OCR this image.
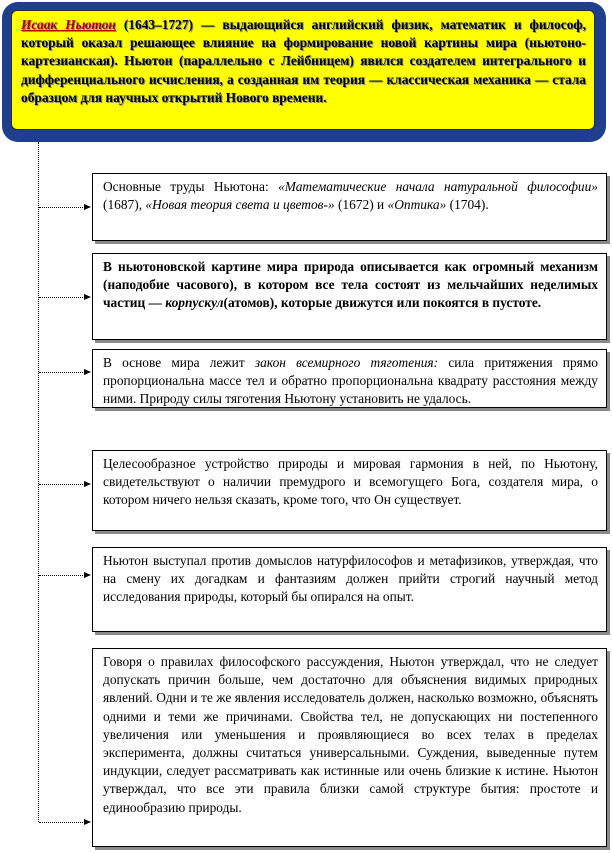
Исаак Ньютон (1643–1727) — выдающийся английский физик, математик и философ, который оказал решающее влияние на формирование новой картины мира (ньютоно-картезианская). Ньютон (параллельно с Лейбницем) явился создателем интегрального и дифференциального исчисления, а созданная им теория — классическая механика — стала образцом для научных открытий Нового времени.

Основные труды Ньютона: «Математические начала натуральной философии» (1687), «Новая теория света и цветов-» (1672) и «Оптика» (1704).

В ньютоновской картине мира природа описывается как огромный механизм (наподобие часового), в котором все тела состоят из мельчайших неделимых частиц — корпускул(атомов), которые движутся или покоятся в пустоте.

В основе мира лежит закон всемирного тяготения: сила притяжения прямо пропорциональна массе тел и обратно пропорциональна квадрату расстояния между ними. Природу силы тяготения Ньютону установить не удалось.

Целесообразное устройство природы и мировая гармония в ней, по Ньютону, свидетельствуют о наличии премудрого и всемогущего Бога, создателя мира, о котором ничего нельзя сказать, кроме того, что Он существует.

Ньютон выступал против домыслов натурфилософов и метафизиков, утверждая, что на смену их догадкам и фантазиям должен прийти строгий научный метод исследования природы, который бы опирался на опыт.

Говоря о правилах философского рассуждения, Ньютон утверждал, что не следует допускать причин больше, чем достаточно для объяснения видимых природных явлений. Одни и те же явления исследователь должен, насколько возможно, объяснять одними и теми же причинами. Свойства тел, не допускающих ни постепенного увеличения или уменьшения и проявляющиеся во всех телах в пределах эксперимента, должны считаться универсальными. Суждения, выведенные путем индукции, следует рассматривать как истинные или очень близкие к истине. Ньютон утверждал, что все эти правила близки самой структуре бытия: простоте и единообразию природы.
